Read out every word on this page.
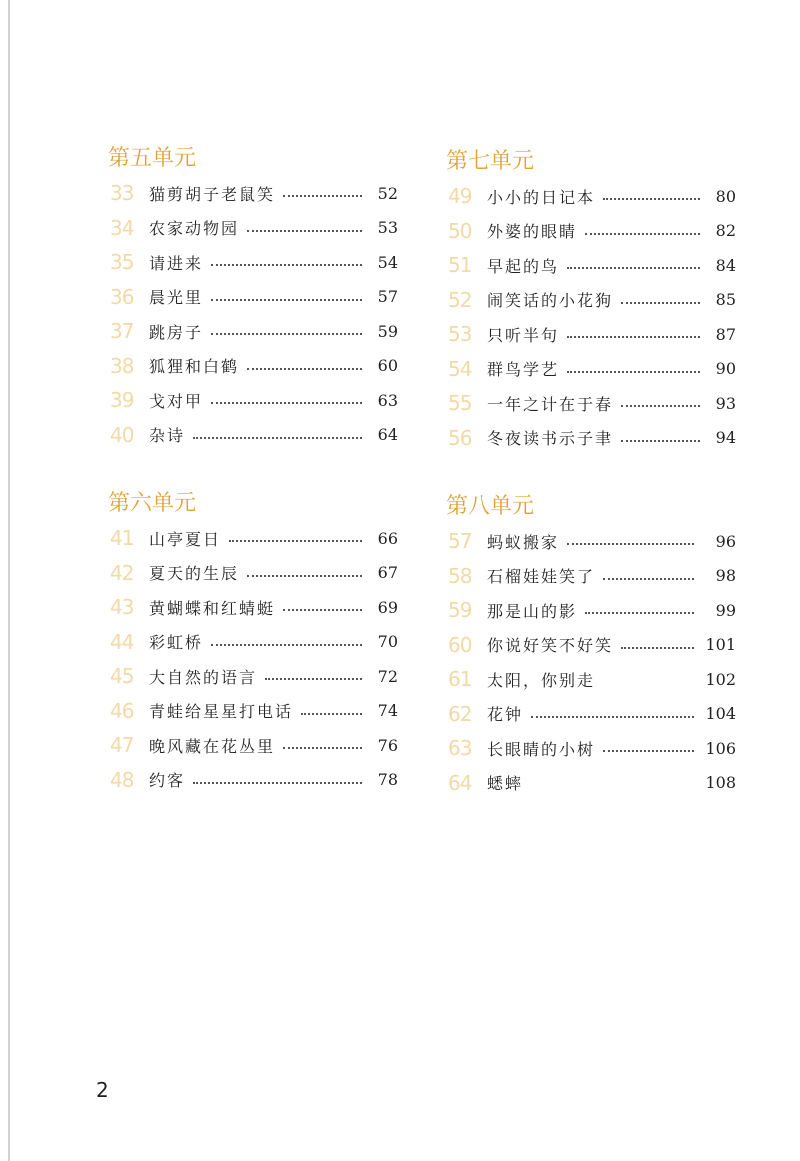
第五单元
33 猫剪胡子老鼠笑	52
34 农家动物园	53
35 请进来	54
36 晨光里	57
37 跳房子	59
38 狐狸和白鹤	60
39 戈对甲	63
40 杂诗	64
第六单元
41 山亭夏日	66
42 夏天的生辰	67
43 黄蝴蝶和红蜻蜓	69
44 彩虹桥	70
45 大自然的语言	72
46 青蛙给星星打电话	74
47 晚风藏在花丛里	76
48 约客	78
第七单元
49 小小的日记本	80
50 外婆的眼睛	82
51 早起的鸟	84
52 闹笑话的小花狗	85
53 只听半句	87
54 群鸟学艺	90
55 一年之计在于春	93
56 冬夜读书示子聿	94
第八单元
57 蚂蚁搬家	96
58 石榴娃娃笑了	98
59 那是山的影	99
60 你说好笑不好笑	101
61 太阳，你别走	102
62 花钟	104
63 长眼睛的小树	106
64 蟋蟀	108
2
